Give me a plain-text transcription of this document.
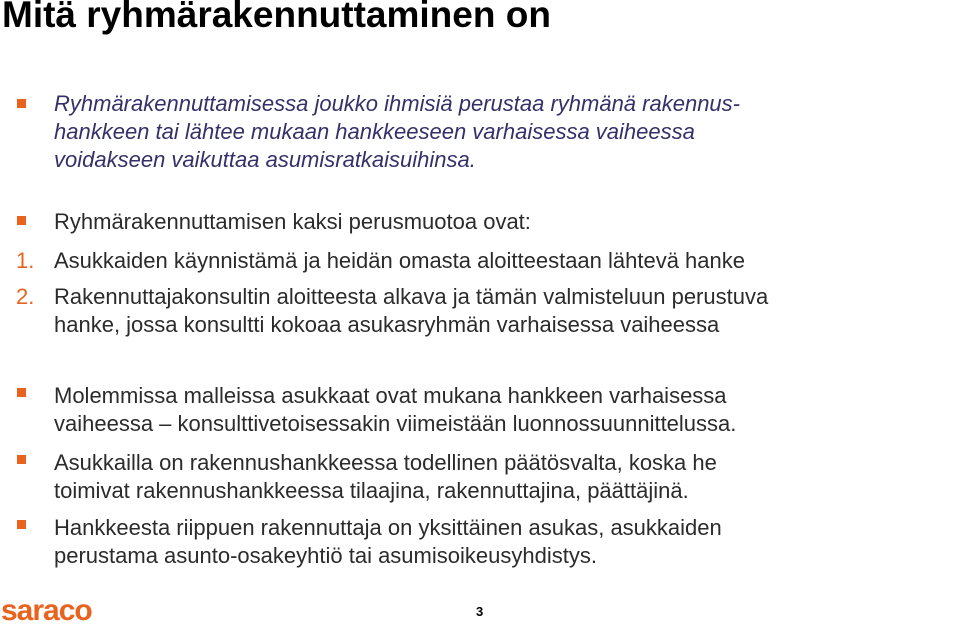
Mitä ryhmärakennuttaminen on
Ryhmärakennuttamisessa joukko ihmisiä perustaa ryhmänä rakennus-
hankkeen tai lähtee mukaan hankkeeseen varhaisessa vaiheessa
voidakseen vaikuttaa asumisratkaisuihinsa.
Ryhmärakennuttamisen kaksi perusmuotoa ovat:
1. Asukkaiden käynnistämä ja heidän omasta aloitteestaan lähtevä hanke
2. Rakennuttajakonsultin aloitteesta alkava ja tämän valmisteluun perustuva
hanke, jossa konsultti kokoaa asukasryhmän varhaisessa vaiheessa
Molemmissa malleissa asukkaat ovat mukana hankkeen varhaisessa
vaiheessa – konsulttivetoisessakin viimeistään luonnossuunnittelussa.
Asukkailla on rakennushankkeessa todellinen päätösvalta, koska he
toimivat rakennushankkeessa tilaajina, rakennuttajina, päättäjinä.
Hankkeesta riippuen rakennuttaja on yksittäinen asukas, asukkaiden
perustama asunto-osakeyhtiö tai asumisoikeusyhdistys.
saraco	3
